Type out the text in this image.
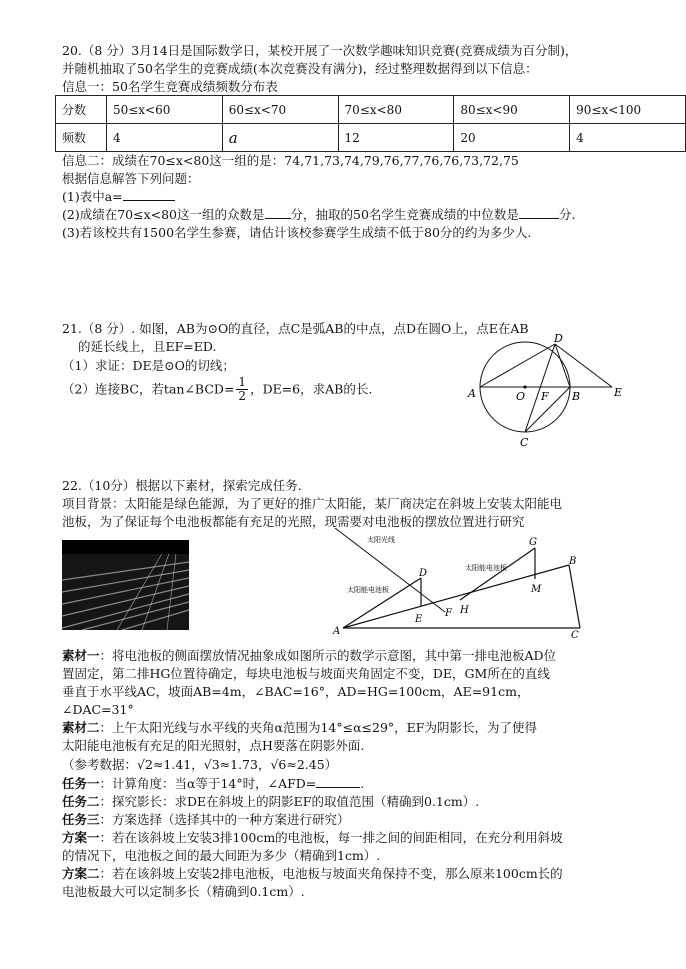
20.（8 分）3月14日是国际数学日，某校开展了一次数学趣味知识竞赛(竞赛成绩为百分制)，
并随机抽取了50名学生的竞赛成绩(本次竞赛没有满分)，经过整理数据得到以下信息：
信息一：50名学生竞赛成绩频数分布表
分数	50≤x<60	60≤x<70	70≤x<80	80≤x<90	90≤x<100
频数	4	a	12	20	4
信息二：成绩在70≤x<80这一组的是：74,71,73,74,79,76,77,76,76,73,72,75
根据信息解答下列问题：
(1)表中a=
(2)成绩在70≤x<80这一组的众数是 分，抽取的50名学生竞赛成绩的中位数是	分.
(3)若该校共有1500名学生参赛，请估计该校参赛学生成绩不低于80分的约为多少人.
21.（8 分）. 如图，AB为⊙O的直径，点C是弧AB的中点，点D在圆O上，点E在AB
的延长线上，且EF=ED.
（1）求证：DE是⊙O的切线；
（2）连接BC，若tan∠BCD= $\frac{1}{2}$ ，DE=6，求AB的长.	A	O F B	E
D
C
22.（10分）根据以下素材，探索完成任务.
项目背景：太阳能是绿色能源，为了更好的推广太阳能，某厂商决定在斜坡上安装太阳能电
池板，为了保证每个电池板都能有充足的光照，现需要对电池板的摆放位置进行研究
太阳光线
太阳能电池板
太阳能电池板
A
B
C
D
E
F
G
H
M
素材一：将电池板的侧面摆放情况抽象成如图所示的数学示意图，其中第一排电池板AD位
置固定，第二排HG位置待确定，每块电池板与坡面夹角固定不变，DE，GM所在的直线
垂直于水平线AC，坡面AB=4m，∠BAC=16°，AD=HG=100cm，AE=91cm，
∠DAC=31°
素材二：上午太阳光线与水平线的夹角α范围为14°≤α≤29°，EF为阴影长，为了使得
太阳能电池板有充足的阳光照射，点H要落在阴影外面.
（参考数据：√2≈1.41，√3≈1.73，√6≈2.45）
任务一：计算角度：当α等于14°时，∠AFD=	.
任务二：探究影长：求DE在斜坡上的阴影EF的取值范围（精确到0.1cm）.
任务三：方案选择（选择其中的一种方案进行研究）
方案一：若在该斜坡上安装3排100cm的电池板，每一排之间的间距相同，在充分利用斜坡
的情况下，电池板之间的最大间距为多少（精确到1cm）.
方案二：若在该斜坡上安装2排电池板，电池板与坡面夹角保持不变，那么原来100cm长的
电池板最大可以定制多长（精确到0.1cm）.
